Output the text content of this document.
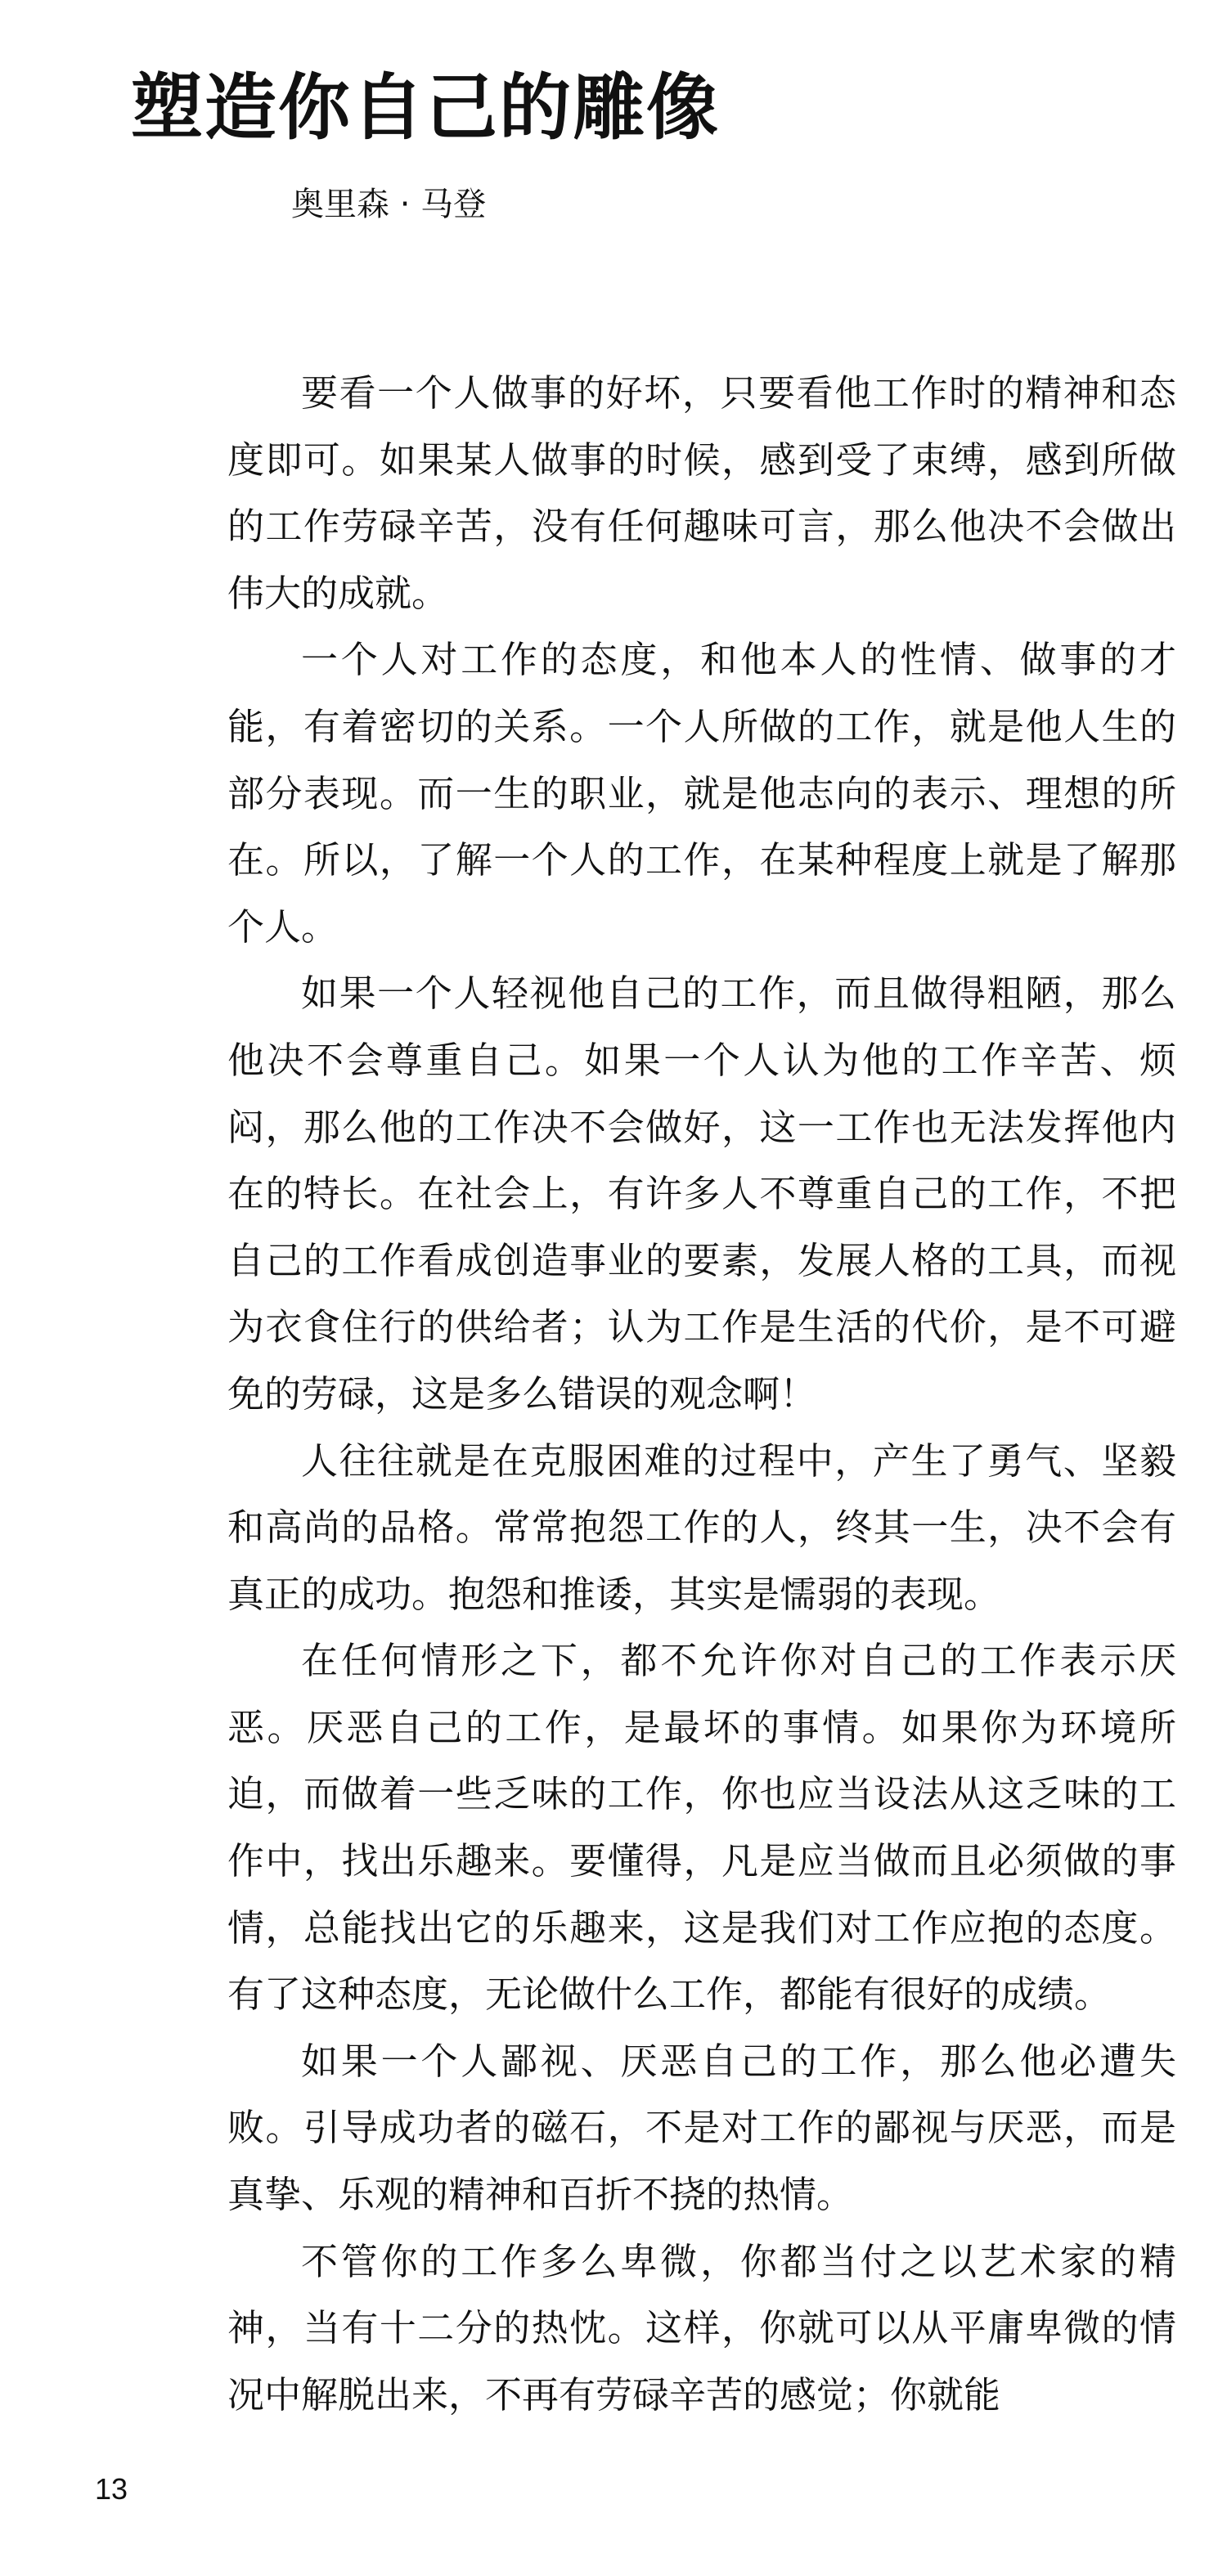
塑造你自己的雕像
奥里森 · 马登

要看一个人做事的好坏，只要看他工作时的精神和态度即可。如果某人做事的时候，感到受了束缚，感到所做的工作劳碌辛苦，没有任何趣味可言，那么他决不会做出伟大的成就。

一个人对工作的态度，和他本人的性情、做事的才能，有着密切的关系。一个人所做的工作，就是他人生的部分表现。而一生的职业，就是他志向的表示、理想的所在。所以，了解一个人的工作，在某种程度上就是了解那个人。

如果一个人轻视他自己的工作，而且做得粗陋，那么他决不会尊重自己。如果一个人认为他的工作辛苦、烦闷，那么他的工作决不会做好，这一工作也无法发挥他内在的特长。在社会上，有许多人不尊重自己的工作，不把自己的工作看成创造事业的要素，发展人格的工具，而视为衣食住行的供给者；认为工作是生活的代价，是不可避免的劳碌，这是多么错误的观念啊！

人往往就是在克服困难的过程中，产生了勇气、坚毅和高尚的品格。常常抱怨工作的人，终其一生，决不会有真正的成功。抱怨和推诿，其实是懦弱的表现。

在任何情形之下，都不允许你对自己的工作表示厌恶。厌恶自己的工作，是最坏的事情。如果你为环境所迫，而做着一些乏味的工作，你也应当设法从这乏味的工作中，找出乐趣来。要懂得，凡是应当做而且必须做的事情，总能找出它的乐趣来，这是我们对工作应抱的态度。有了这种态度，无论做什么工作，都能有很好的成绩。

如果一个人鄙视、厌恶自己的工作，那么他必遭失败。引导成功者的磁石，不是对工作的鄙视与厌恶，而是真挚、乐观的精神和百折不挠的热情。

不管你的工作多么卑微，你都当付之以艺术家的精神，当有十二分的热忱。这样，你就可以从平庸卑微的情况中解脱出来，不再有劳碌辛苦的感觉；你就能

13
